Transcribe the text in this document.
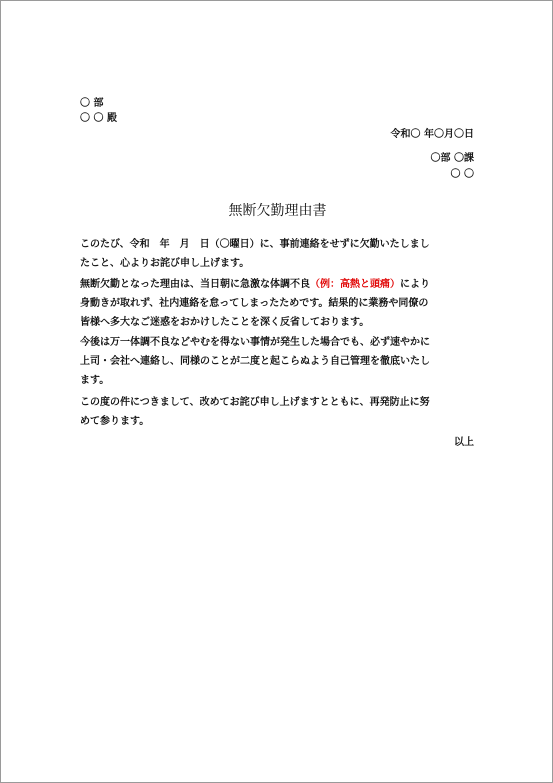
〇 部
〇 〇 殿
令和〇 年〇月〇日
〇部 〇課
〇 〇
無断欠勤理由書
このたび、令和　年　月　日（〇曜日）に、事前連絡をせずに欠勤いたしまし
たこと、心よりお詫び申し上げます。
無断欠勤となった理由は、当日朝に急激な体調不良（例：高熱と頭痛）により
身動きが取れず、社内連絡を怠ってしまったためです。結果的に業務や同僚の
皆様へ多大なご迷惑をおかけしたことを深く反省しております。
今後は万一体調不良などやむを得ない事情が発生した場合でも、必ず速やかに
上司・会社へ連絡し、同様のことが二度と起こらぬよう自己管理を徹底いたし
ます。
この度の件につきまして、改めてお詫び申し上げますとともに、再発防止に努
めて参ります。
以上
